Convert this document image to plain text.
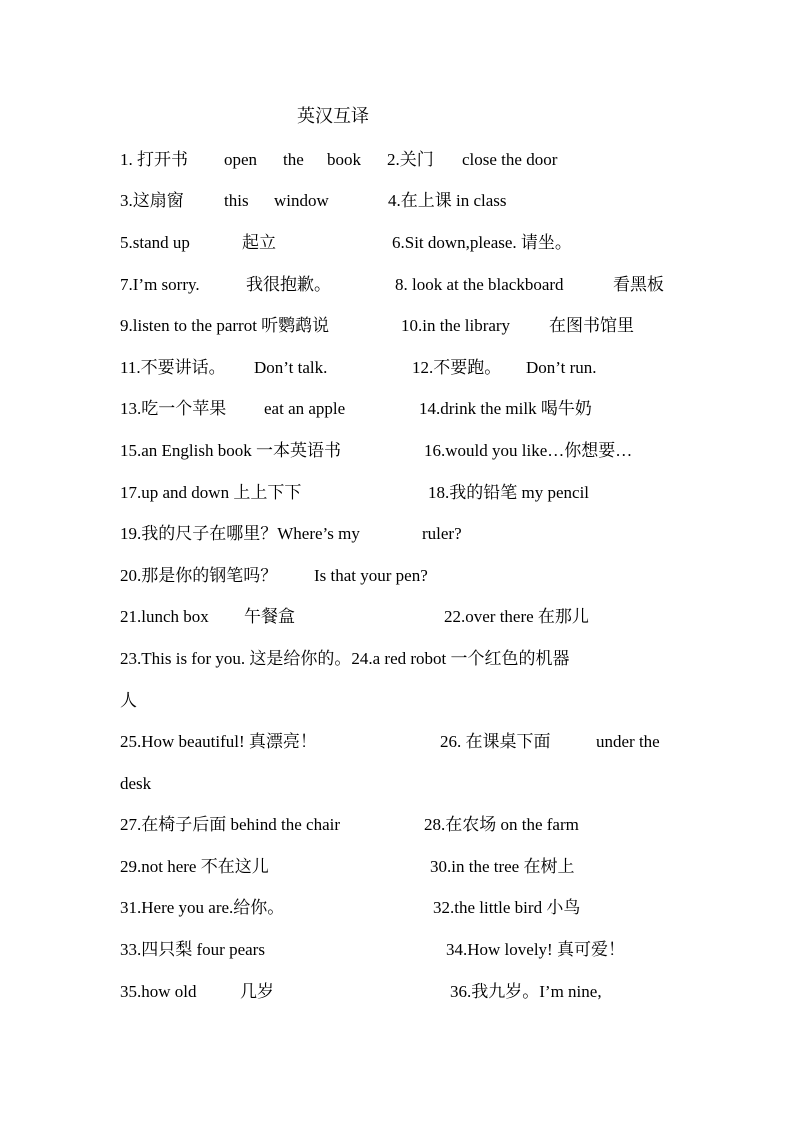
英汉互译
1. 打开书 open the book 2.关门 close the door
3.这扇窗 this window	4.在上课 in class
5.stand up	起立	6.Sit down,please. 请坐。
7.I’m sorry.	我很抱歉。	8. look at the blackboard	看黑板
9.listen to the parrot 听鹦鹉说	10.in the library 在图书馆里
11.不要讲话。 Don’t talk.	12.不要跑。 Don’t run.
13.吃一个苹果 eat an apple	14.drink the milk 喝牛奶
15.an English book 一本英语书	16.would you like…你想要…
17.up and down 上上下下	18.我的铅笔 my pencil
19.我的尺子在哪里？Where’s my	ruler?
20.那是你的钢笔吗？ Is that your pen?
21.lunch box 午餐盒	22.over there 在那儿
23.This is for you. 这是给你的。24.a red robot 一个红色的机器
人
25.How beautiful! 真漂亮！	26. 在课桌下面	under the
desk
27.在椅子后面 behind the chair	28.在农场 on the farm
29.not here 不在这儿	30.in the tree 在树上
31.Here you are.给你。	32.the little bird 小鸟
33.四只梨 four pears	34.How lovely! 真可爱！
35.how old	几岁	36.我九岁。I’m nine,
